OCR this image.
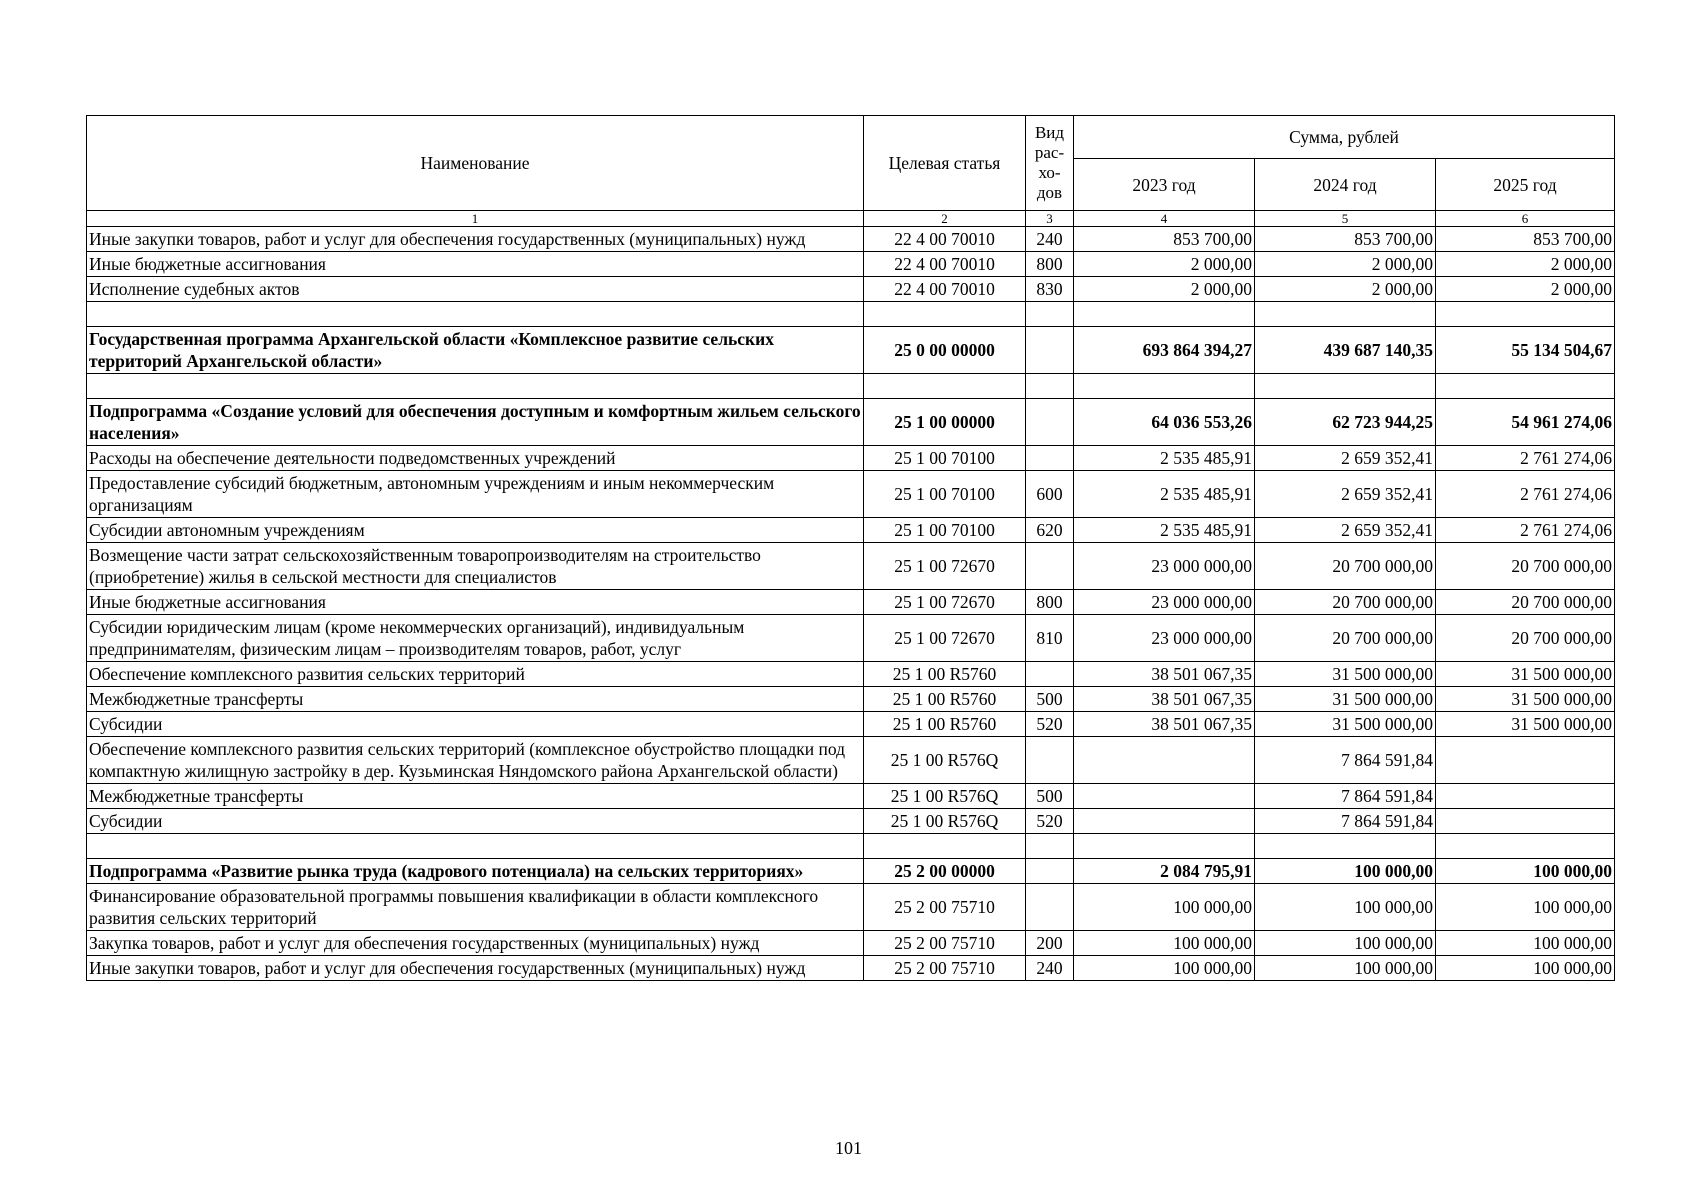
Наименование	Целевая статья	Вид рас- хо- дов	Сумма, рублей		
			2023 год	2024 год	2025 год
1	2	3	4	5	6
Иные закупки товаров, работ и услуг для обеспечения государственных (муниципальных) нужд	22 4 00 70010	240	853 700,00	853 700,00	853 700,00
Иные бюджетные ассигнования	22 4 00 70010	800	2 000,00	2 000,00	2 000,00
Исполнение судебных актов	22 4 00 70010	830	2 000,00	2 000,00	2 000,00

Государственная программа Архангельской области «Комплексное развитие сельских территорий Архангельской области»	25 0 00 00000		693 864 394,27	439 687 140,35	55 134 504,67

Подпрограмма «Создание условий для обеспечения доступным и комфортным жильем сельского населения»	25 1 00 00000		64 036 553,26	62 723 944,25	54 961 274,06
Расходы на обеспечение деятельности подведомственных учреждений	25 1 00 70100		2 535 485,91	2 659 352,41	2 761 274,06
Предоставление субсидий бюджетным, автономным учреждениям и иным некоммерческим организациям	25 1 00 70100	600	2 535 485,91	2 659 352,41	2 761 274,06
Субсидии автономным учреждениям	25 1 00 70100	620	2 535 485,91	2 659 352,41	2 761 274,06
Возмещение части затрат сельскохозяйственным товаропроизводителям на строительство (приобретение) жилья в сельской местности для специалистов	25 1 00 72670		23 000 000,00	20 700 000,00	20 700 000,00
Иные бюджетные ассигнования	25 1 00 72670	800	23 000 000,00	20 700 000,00	20 700 000,00
Субсидии юридическим лицам (кроме некоммерческих организаций), индивидуальным предпринимателям, физическим лицам – производителям товаров, работ, услуг	25 1 00 72670	810	23 000 000,00	20 700 000,00	20 700 000,00
Обеспечение комплексного развития сельских территорий	25 1 00 R5760		38 501 067,35	31 500 000,00	31 500 000,00
Межбюджетные трансферты	25 1 00 R5760	500	38 501 067,35	31 500 000,00	31 500 000,00
Субсидии	25 1 00 R5760	520	38 501 067,35	31 500 000,00	31 500 000,00
Обеспечение комплексного развития сельских территорий (комплексное обустройство площадки под компактную жилищную застройку в дер. Кузьминская Няндомского района Архангельской области)	25 1 00 R576Q			7 864 591,84	
Межбюджетные трансферты	25 1 00 R576Q	500		7 864 591,84	
Субсидии	25 1 00 R576Q	520		7 864 591,84	

Подпрограмма «Развитие рынка труда (кадрового потенциала) на сельских территориях»	25 2 00 00000		2 084 795,91	100 000,00	100 000,00
Финансирование образовательной программы повышения квалификации в области комплексного развития сельских территорий	25 2 00 75710		100 000,00	100 000,00	100 000,00
Закупка товаров, работ и услуг для обеспечения государственных (муниципальных) нужд	25 2 00 75710	200	100 000,00	100 000,00	100 000,00
Иные закупки товаров, работ и услуг для обеспечения государственных (муниципальных) нужд	25 2 00 75710	240	100 000,00	100 000,00	100 000,00
101
